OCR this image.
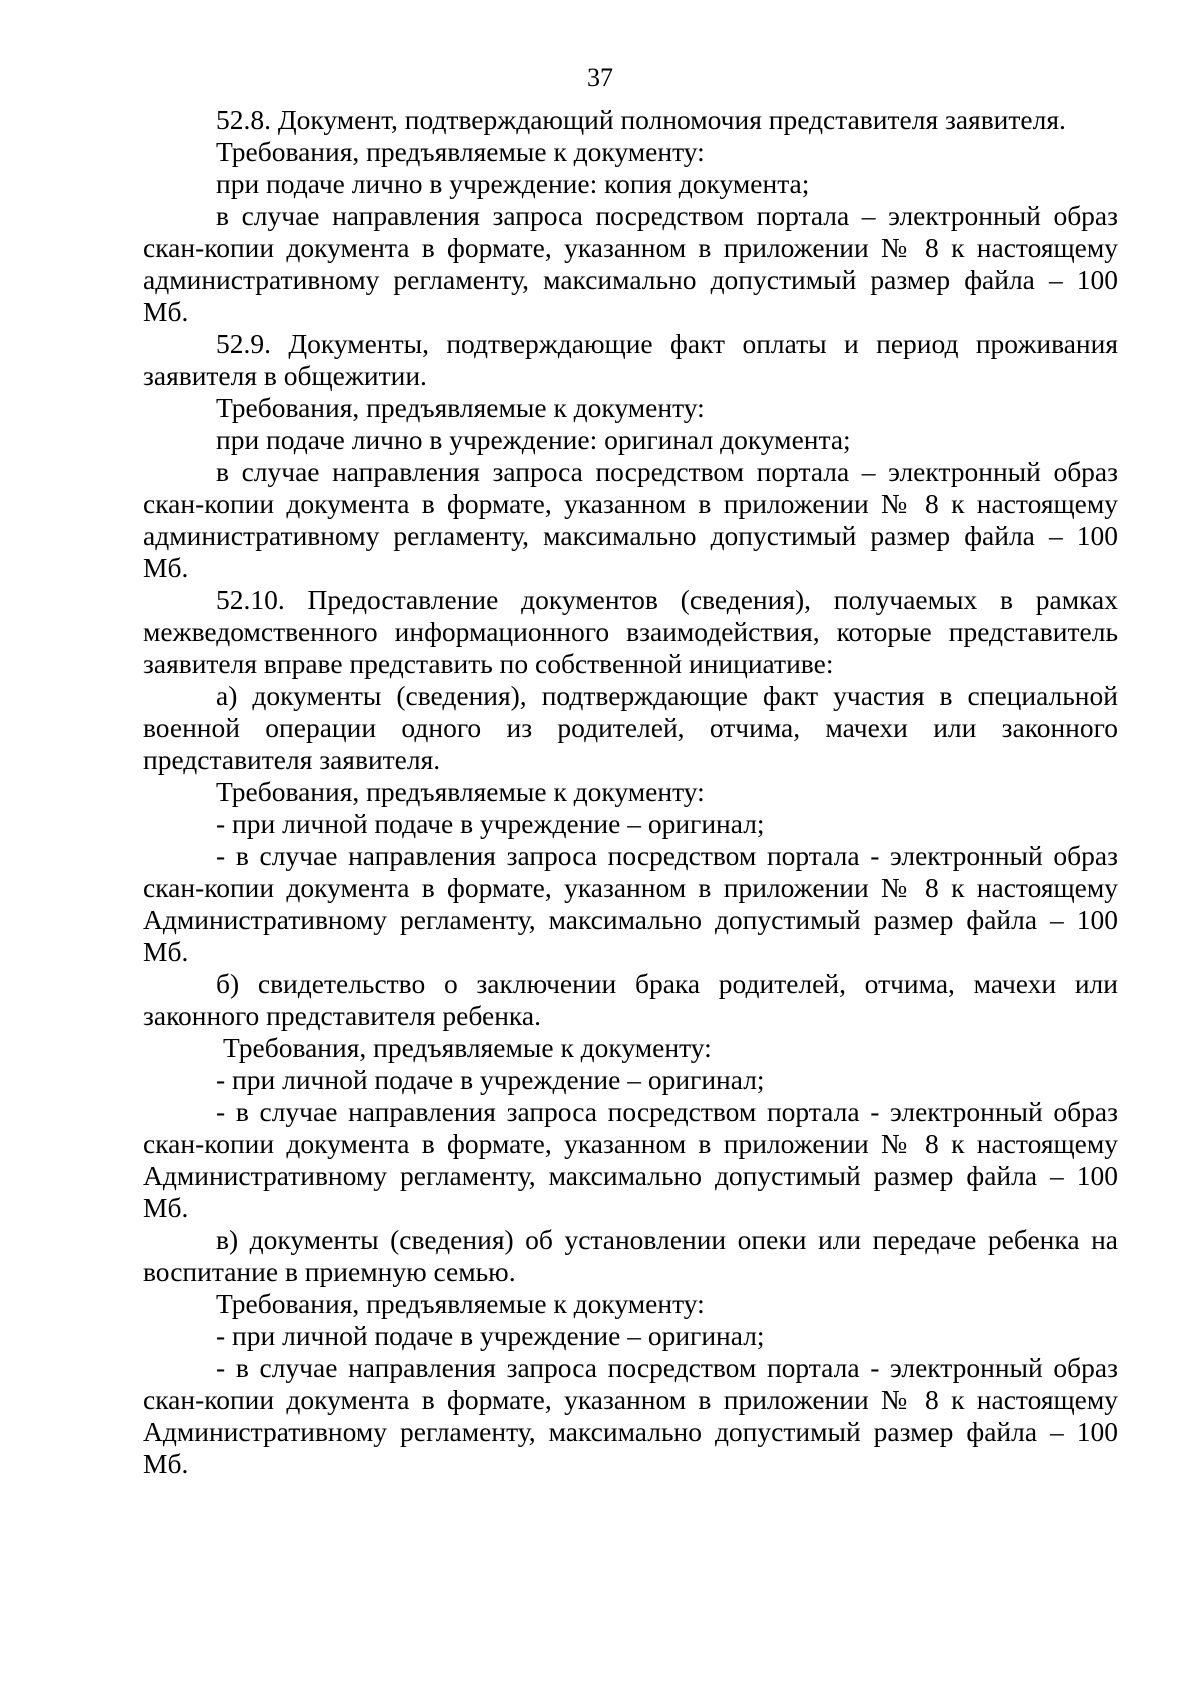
37

52.8. Документ, подтверждающий полномочия представителя заявителя.

Требования, предъявляемые к документу:

при подаче лично в учреждение: копия документа;

в случае направления запроса посредством портала – электронный образ скан-копии документа в формате, указанном в приложении № 8 к настоящему административному регламенту, максимально допустимый размер файла – 100 Мб.

52.9. Документы, подтверждающие факт оплаты и период проживания заявителя в общежитии.

Требования, предъявляемые к документу:

при подаче лично в учреждение: оригинал документа;

в случае направления запроса посредством портала – электронный образ скан-копии документа в формате, указанном в приложении № 8 к настоящему административному регламенту, максимально допустимый размер файла – 100 Мб.

52.10. Предоставление документов (сведения), получаемых в рамках межведомственного информационного взаимодействия, которые представитель заявителя вправе представить по собственной инициативе:

а) документы (сведения), подтверждающие факт участия в специальной военной операции одного из родителей, отчима, мачехи или законного представителя заявителя.

Требования, предъявляемые к документу:

- при личной подаче в учреждение – оригинал;

- в случае направления запроса посредством портала - электронный образ скан-копии документа в формате, указанном в приложении № 8 к настоящему Административному регламенту, максимально допустимый размер файла – 100 Мб.

б) свидетельство о заключении брака родителей, отчима, мачехи или законного представителя ребенка.

Требования, предъявляемые к документу:

- при личной подаче в учреждение – оригинал;

- в случае направления запроса посредством портала - электронный образ скан-копии документа в формате, указанном в приложении № 8 к настоящему Административному регламенту, максимально допустимый размер файла – 100 Мб.

в) документы (сведения) об установлении опеки или передаче ребенка на воспитание в приемную семью.

Требования, предъявляемые к документу:

- при личной подаче в учреждение – оригинал;

- в случае направления запроса посредством портала - электронный образ скан-копии документа в формате, указанном в приложении № 8 к настоящему Административному регламенту, максимально допустимый размер файла – 100 Мб.
